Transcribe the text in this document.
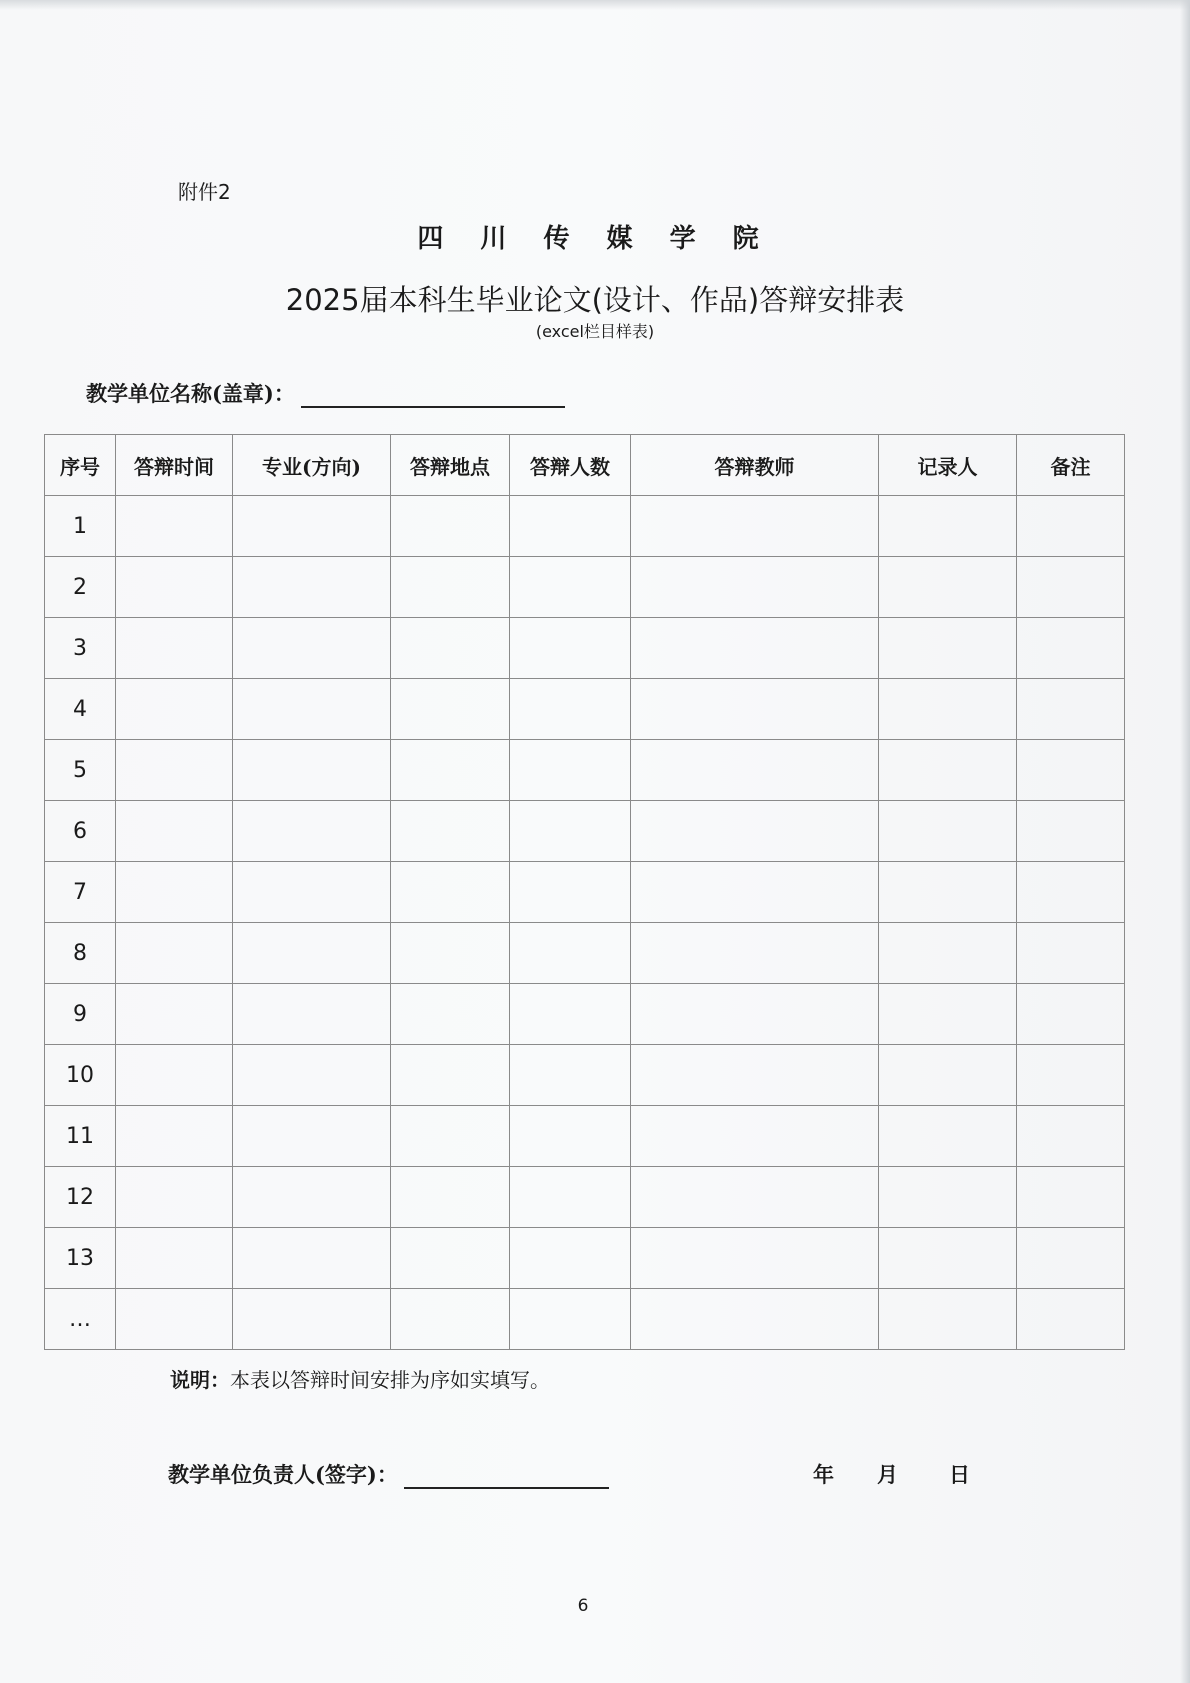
附件2
四 川 传 媒 学 院
2025届本科生毕业论文(设计、作品)答辩安排表
(excel栏目样表)
教学单位名称(盖章)：
序号	答辩时间	专业(方向)	答辩地点	答辩人数	答辩教师	记录人	备注
1							
2							
3							
4							
5							
6							
7							
8							
9							
10							
11							
12							
13							
…							
说明：本表以答辩时间安排为序如实填写。
教学单位负责人(签字)：	年 月 日
6
